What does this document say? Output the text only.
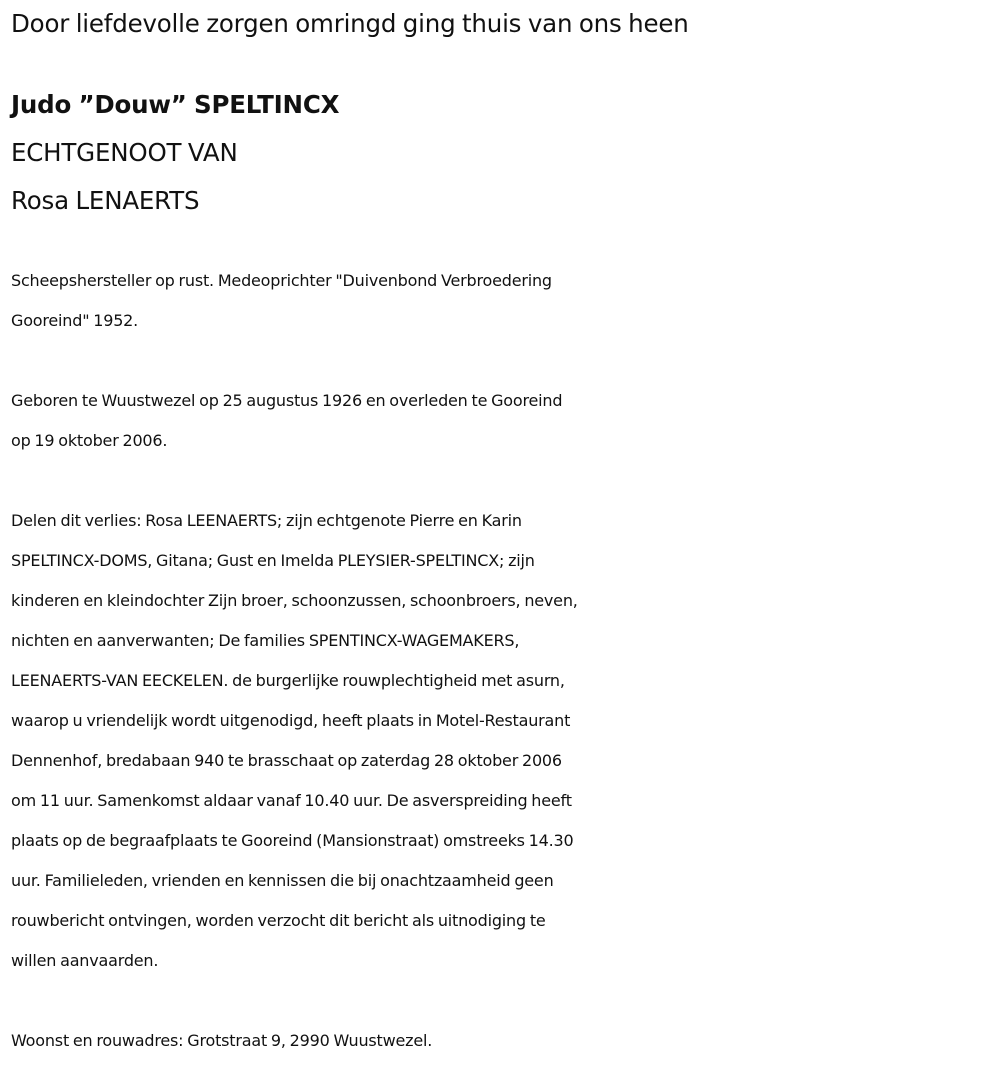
Door liefdevolle zorgen omringd ging thuis van ons heen
Judo ”Douw” SPELTINCX
ECHTGENOOT VAN
Rosa LENAERTS
Scheepshersteller op rust. Medeoprichter "Duivenbond Verbroedering
Gooreind" 1952.
Geboren te Wuustwezel op 25 augustus 1926 en overleden te Gooreind
op 19 oktober 2006.
Delen dit verlies: Rosa LEENAERTS; zijn echtgenote Pierre en Karin
SPELTINCX-DOMS, Gitana; Gust en Imelda PLEYSIER-SPELTINCX; zijn
kinderen en kleindochter Zijn broer, schoonzussen, schoonbroers, neven,
nichten en aanverwanten; De families SPENTINCX-WAGEMAKERS,
LEENAERTS-VAN EECKELEN. de burgerlijke rouwplechtigheid met asurn,
waarop u vriendelijk wordt uitgenodigd, heeft plaats in Motel-Restaurant
Dennenhof, bredabaan 940 te brasschaat op zaterdag 28 oktober 2006
om 11 uur. Samenkomst aldaar vanaf 10.40 uur. De asverspreiding heeft
plaats op de begraafplaats te Gooreind (Mansionstraat) omstreeks 14.30
uur. Familieleden, vrienden en kennissen die bij onachtzaamheid geen
rouwbericht ontvingen, worden verzocht dit bericht als uitnodiging te
willen aanvaarden.
Woonst en rouwadres: Grotstraat 9, 2990 Wuustwezel.
